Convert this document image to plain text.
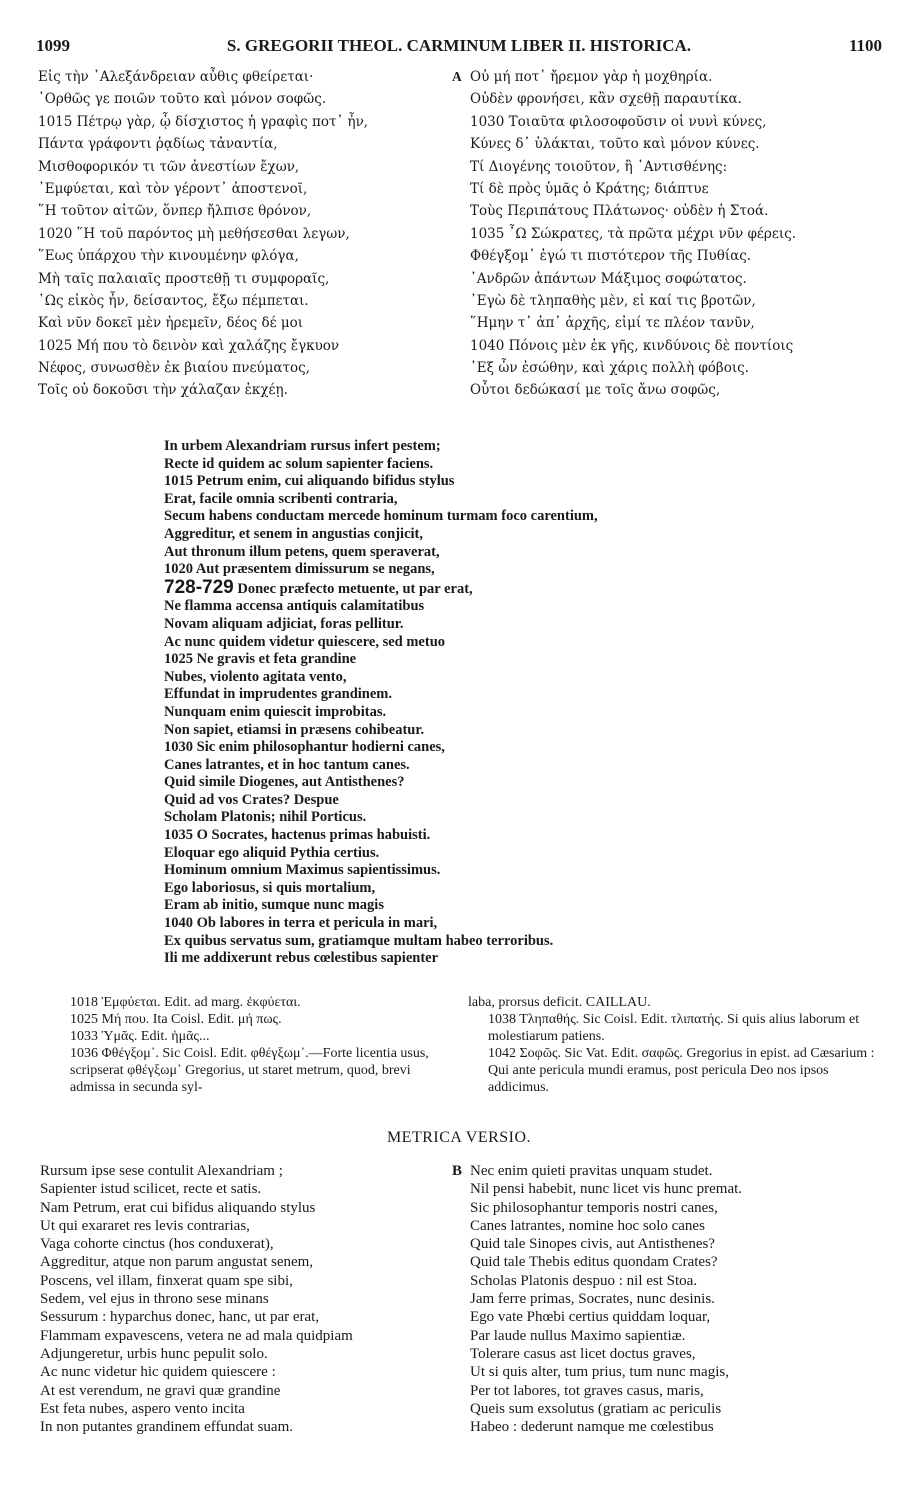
1099	S. GREGORII THEOL. CARMINUM LIBER II. HISTORICA.	1100
Εἰς τὴν ᾿Αλεξάνδρειαν αὖθις φθείρεται·
᾿Ορθῶς γε ποιῶν τοῦτο καὶ μόνον σοφῶς.
1015 Πέτρῳ γὰρ, ᾧ δίσχιστος ἡ γραφὶς ποτ᾿ ἦν,
Πάντα γράφοντι ῥᾳδίως τἀναντία,
Μισθοφορικόν τι τῶν ἀνεστίων ἔχων,
᾿Εμφύεται, καὶ τὸν γέροντ᾿ ἀποστενοῖ,
῞Η τοῦτον αἰτῶν, ὅνπερ ἤλπισε θρόνον,
1020 ῞Η τοῦ παρόντος μὴ μεθήσεσθαι λεγων,
῞Εως ὑπάρχου τὴν κινουμένην φλόγα,
Μὴ ταῖς παλαιαῖς προστεθῇ τι συμφοραῖς,
῾Ως εἰκὸς ἦν, δείσαντος, ἔξω πέμπεται.
Καὶ νῦν δοκεῖ μὲν ἠρεμεῖν, δέος δέ μοι
1025 Μή που τὸ δεινὸν καὶ χαλάζης ἔγκυον
Νέφος, συνωσθὲν ἐκ βιαίου πνεύματος,
Τοῖς οὐ δοκοῦσι τὴν χάλαζαν ἐκχέῃ.
A Οὐ μή ποτ᾿ ἤρεμον γὰρ ἡ μοχθηρία.
Οὐδὲν φρονήσει, κἂν σχεθῇ παραυτίκα.
1030 Τοιαῦτα φιλοσοφοῦσιν οἱ νυνὶ κύνες,
Κύνες δ᾿ ὑλάκται, τοῦτο καὶ μόνον κύνες.
Τί Διογένης τοιοῦτον, ἢ ᾿Αντισθένης:
Τί δὲ πρὸς ὑμᾶς ὁ Κράτης; διάπτυε
Τοὺς Περιπάτους Πλάτωνος· οὐδὲν ἡ Στοά.
1035 ῏Ω Σώκρατες, τὰ πρῶτα μέχρι νῦν φέρεις.
Φθέγξομ᾿ ἐγώ τι πιστότερον τῆς Πυθίας.
᾿Ανδρῶν ἁπάντων Μάξιμος σοφώτατος.
᾿Εγὼ δὲ τληπαθὴς μὲν, εἰ καί τις βροτῶν,
῞Ημην τ᾿ ἀπ᾿ ἀρχῆς, εἰμί τε πλέον τανῦν,
1040 Πόνοις μὲν ἐκ γῆς, κινδύνοις δὲ ποντίοις
᾿Εξ ὧν ἐσώθην, καὶ χάρις πολλὴ φόβοις.
Οὗτοι δεδώκασί με τοῖς ἄνω σοφῶς,
In urbem Alexandriam rursus infert pestem;
Recte id quidem ac solum sapienter faciens.
1015 Petrum enim, cui aliquando bifidus stylus
Erat, facile omnia scribenti contraria,
Secum habens conductam mercede hominum turmam foco carentium,
Aggreditur, et senem in angustias conjicit,
Aut thronum illum petens, quem speraverat,
1020 Aut præsentem dimissurum se negans,
728-729 Donec præfecto metuente, ut par erat,
Ne flamma accensa antiquis calamitatibus
Novam aliquam adjiciat, foras pellitur.
Ac nunc quidem videtur quiescere, sed metuo
1025 Ne gravis et feta grandine
Nubes, violento agitata vento,
Effundat in imprudentes grandinem.
Nunquam enim quiescit improbitas.
Non sapiet, etiamsi in præsens cohibeatur.
1030 Sic enim philosophantur hodierni canes,
Canes latrantes, et in hoc tantum canes.
Quid simile Diogenes, aut Antisthenes?
Quid ad vos Crates? Despue
Scholam Platonis; nihil Porticus.
1035 O Socrates, hactenus primas habuisti.
Eloquar ego aliquid Pythia certius.
Hominum omnium Maximus sapientissimus.
Ego laboriosus, si quis mortalium,
Eram ab initio, sumque nunc magis
1040 Ob labores in terra et pericula in mari,
Ex quibus servatus sum, gratiamque multam habeo terroribus.
Ili me addixerunt rebus cœlestibus sapienter

1018 Ἐμφύεται. Edit. ad marg. ἐκφύεται.

1025 Μή που. Ita Coisl. Edit. μή πως.

1033 Ὑμᾶς. Edit. ἡμᾶς...

1036 Φθέγξομ᾿. Sic Coisl. Edit. φθέγξωμ᾿.—Forte licentia usus, scripserat φθέγξωμ᾿ Gregorius, ut staret metrum, quod, brevi admissa in secunda syl-

laba, prorsus deficit. CAILLAU.

1038 Τληπαθής. Sic Coisl. Edit. τλιπατής. Si quis alius laborum et molestiarum patiens.

1042 Σοφῶς. Sic Vat. Edit. σαφῶς. Gregorius in epist. ad Cæsarium : Qui ante pericula mundi eramus, post pericula Deo nos ipsos addicimus.

METRICA VERSIO.
Rursum ipse sese contulit Alexandriam ;
Sapienter istud scilicet, recte et satis.
Nam Petrum, erat cui bifidus aliquando stylus
Ut qui exararet res levis contrarias,
Vaga cohorte cinctus (hos conduxerat),
Aggreditur, atque non parum angustat senem,
Poscens, vel illam, finxerat quam spe sibi,
Sedem, vel ejus in throno sese minans
Sessurum : hyparchus donec, hanc, ut par erat,
Flammam expavescens, vetera ne ad mala quidpiam
Adjungeretur, urbis hunc pepulit solo.
Ac nunc videtur hic quidem quiescere :
At est verendum, ne gravi quæ grandine
Est feta nubes, aspero vento incita
In non putantes grandinem effundat suam.
B Nec enim quieti pravitas unquam studet.
Nil pensi habebit, nunc licet vis hunc premat.
Sic philosophantur temporis nostri canes,
Canes latrantes, nomine hoc solo canes
Quid tale Sinopes civis, aut Antisthenes?
Quid tale Thebis editus quondam Crates?
Scholas Platonis despuo : nil est Stoa.
Jam ferre primas, Socrates, nunc desinis.
Ego vate Phœbi certius quiddam loquar,
Par laude nullus Maximo sapientiæ.
Tolerare casus ast licet doctus graves,
Ut si quis alter, tum prius, tum nunc magis,
Per tot labores, tot graves casus, maris,
Queis sum exsolutus (gratiam ac periculis
Habeo : dederunt namque me cœlestibus
